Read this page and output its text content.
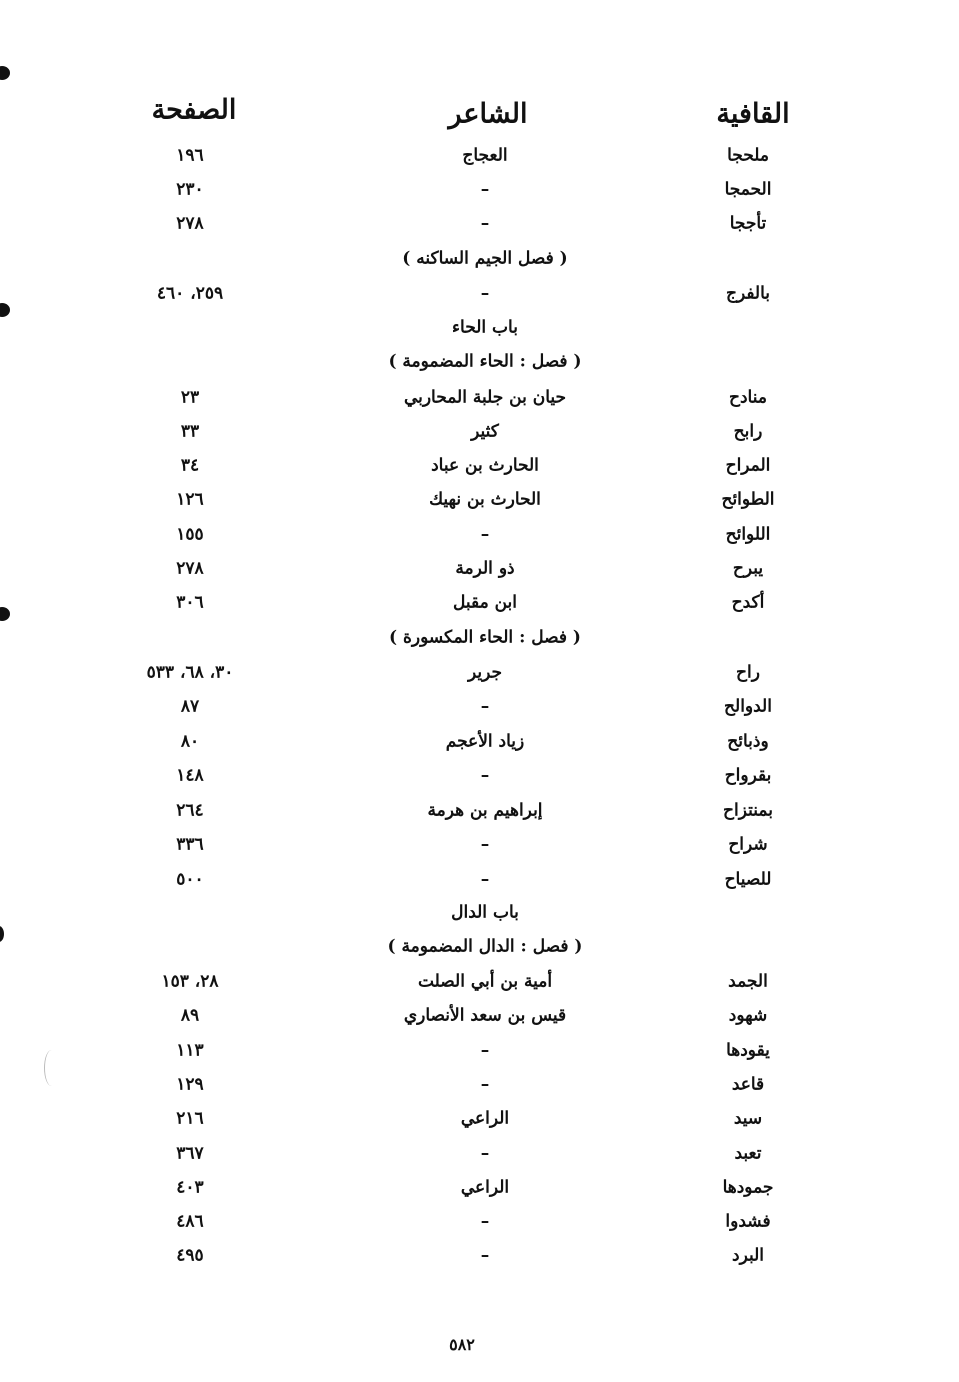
القافية
الشاعر
الصفحة
ملحجا
العجاج
١٩٦
الحمجا
–
٢٣٠
تأججا
–
٢٧٨
( فصل الجيم الساكنه )
بالفرج
–
٢٥٩، ٤٦٠
باب الحاء
( فصل : الحاء المضمومة )
منادح
حيان بن جلبة المحاربي
٢٣
رابح
كثير
٣٣
المراح
الحارث بن عباد
٣٤
الطوائح
الحارث بن نهيك
١٢٦
اللوائح
–
١٥٥
يبرح
ذو الرمة
٢٧٨
أكدح
ابن مقبل
٣٠٦
( فصل : الحاء المكسورة )
راح
جرير
٣٠، ٦٨، ٥٣٣
الدوالح
–
٨٧
وذبائح
زياد الأعجم
٨٠
بقرواح
–
١٤٨
بمنتزاح
إبراهيم بن هرمة
٢٦٤
شراح
–
٣٣٦
للصياح
–
٥٠٠
باب الدال
( فصل : الدال المضمومة )
الجمد
أمية بن أبي الصلت
٢٨، ١٥٣
شهود
قيس بن سعد الأنصاري
٨٩
يقودها
–
١١٣
قاعد
–
١٢٩
سيد
الراعي
٢١٦
تعبد
–
٣٦٧
جمودها
الراعي
٤٠٣
فشدوا
–
٤٨٦
البرد
–
٤٩٥
٥٨٢
